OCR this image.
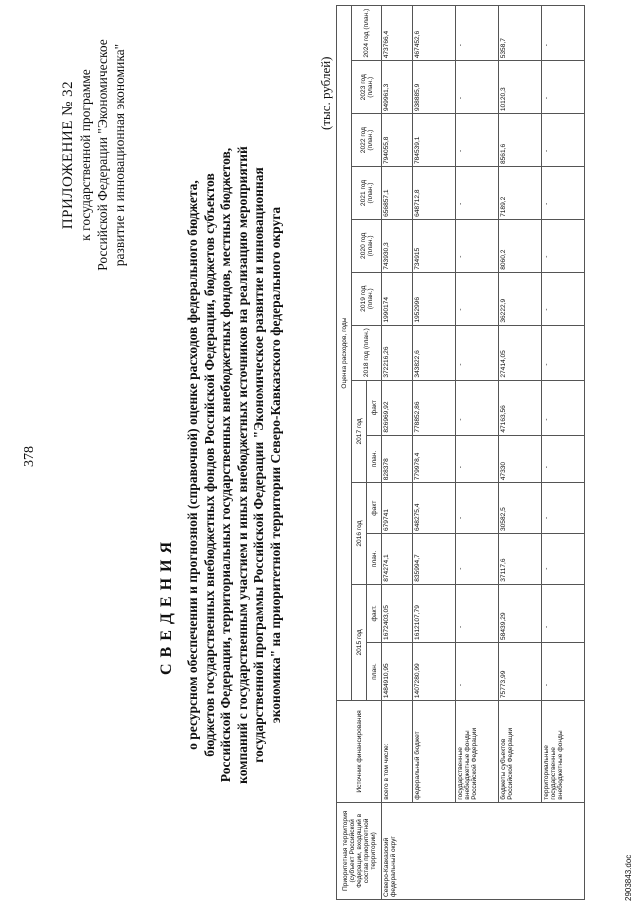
378
ПРИЛОЖЕНИЕ № 32 к государственной программе Российской Федерации "Экономическое развитие и инновационная экономика"
СВЕДЕНИЯ о ресурсном обеспечении и прогнозной (справочной) оценке расходов федерального бюджета, бюджетов государственных внебюджетных фондов Российской Федерации, бюджетов субъектов Российской Федерации, территориальных государственных внебюджетных фондов, местных бюджетов, компаний с государственным участием и иных внебюджетных источников на реализацию мероприятий государственной программы Российской Федерации "Экономическое развитие и инновационная экономика" на приоритетной территории Северо-Кавказского федерального округа
(тыс. рублей)
Приоритетная территория (субъект Российской Федерации, входящий в состав приоритетной территории)	Источник финансирования	Оценка расходов, годы												
		2015 год		2016 год		2017 год		2018 год (план.)	2019 год (план.)	2020 год (план.)	2021 год (план.)	2022 год (план.)	2023 год (план.)	2024 год (план.)
		план.	факт.	план.	факт	план.	факт							
Северо-Кавказский федеральный округ	всего в том числе:	1484910,95	1672403,05	874274,1	679741	828378	826969,92	372216,26	1990174	743930,3	656857,1	794055,8	949961,3	473766,4
	федеральный бюджет	1407280,99	1612107,79	835994,7	648275,4	779978,4	778852,86	343822,6	1952996	734915	648712,8	784539,1	938885,9	467452,6
	государственные внебюджетные фонды Российской Федерации	-	-	-	-	-	-	-	-	-	-	-	-	-
	бюджеты субъектов Российской Федерации	75773,99	58439,29	37117,6	30582,5	47330	47163,56	27414,05	36222,9	8060,2	7189,2	8561,6	10120,3	5358,7
	территориальные государственные внебюджетные фонды	-	-	-	-	-	-	-	-	-	-	-	-	-
2903843.doc
